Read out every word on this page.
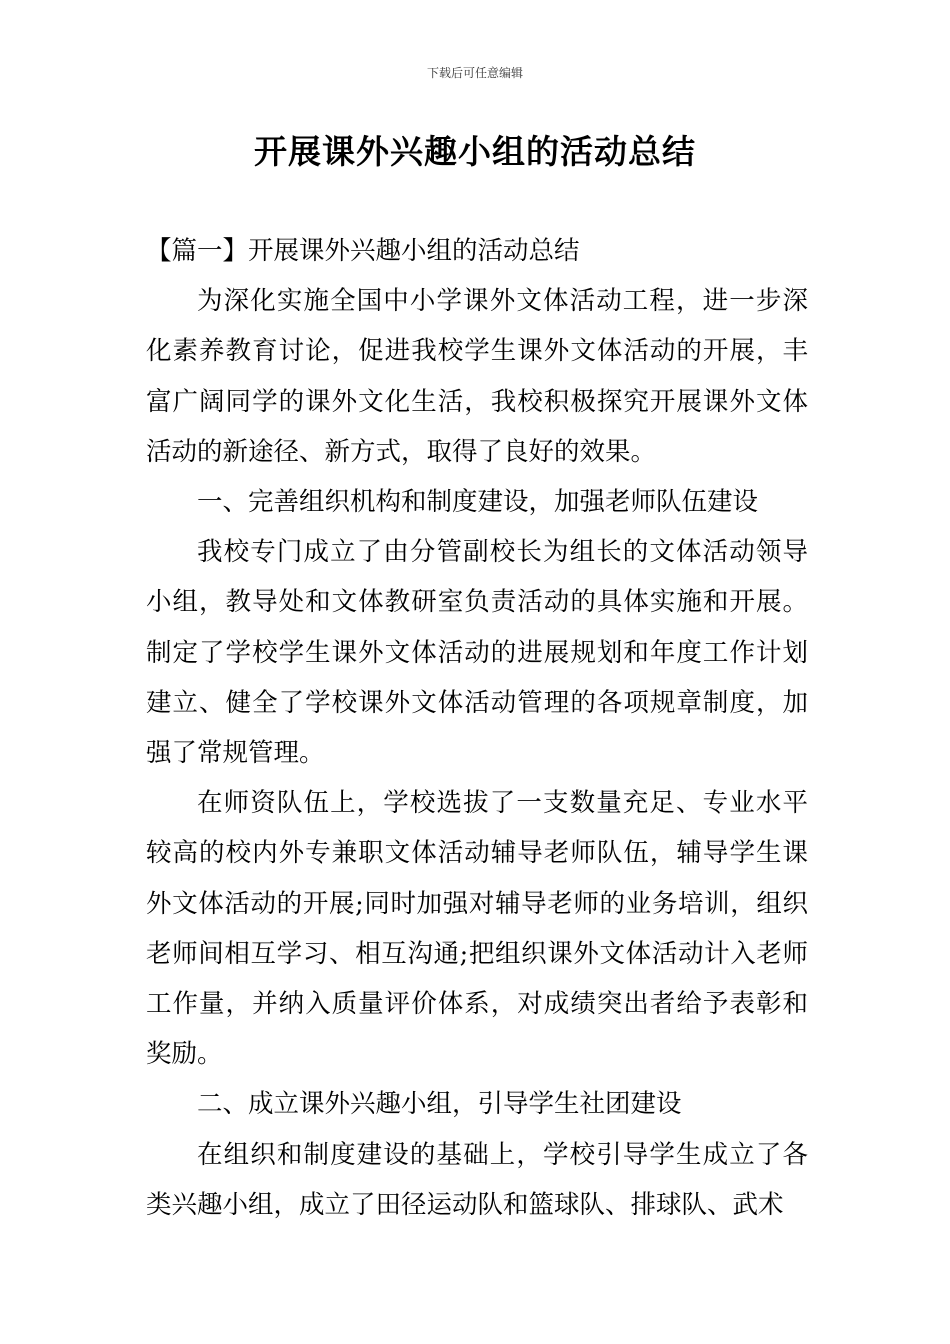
下载后可任意编辑
开展课外兴趣小组的活动总结

【篇一】开展课外兴趣小组的活动总结

为深化实施全国中小学课外文体活动工程，进一步深化素养教育讨论，促进我校学生课外文体活动的开展，丰富广阔同学的课外文化生活，我校积极探究开展课外文体活动的新途径、新方式，取得了良好的效果。

一、完善组织机构和制度建设，加强老师队伍建设

我校专门成立了由分管副校长为组长的文体活动领导小组，教导处和文体教研室负责活动的具体实施和开展。制定了学校学生课外文体活动的进展规划和年度工作计划建立、健全了学校课外文体活动管理的各项规章制度，加强了常规管理。

在师资队伍上，学校选拔了一支数量充足、专业水平较高的校内外专兼职文体活动辅导老师队伍，辅导学生课外文体活动的开展;同时加强对辅导老师的业务培训，组织老师间相互学习、相互沟通;把组织课外文体活动计入老师工作量，并纳入质量评价体系，对成绩突出者给予表彰和奖励。

二、成立课外兴趣小组，引导学生社团建设

在组织和制度建设的基础上，学校引导学生成立了各类兴趣小组，成立了田径运动队和篮球队、排球队、武术
